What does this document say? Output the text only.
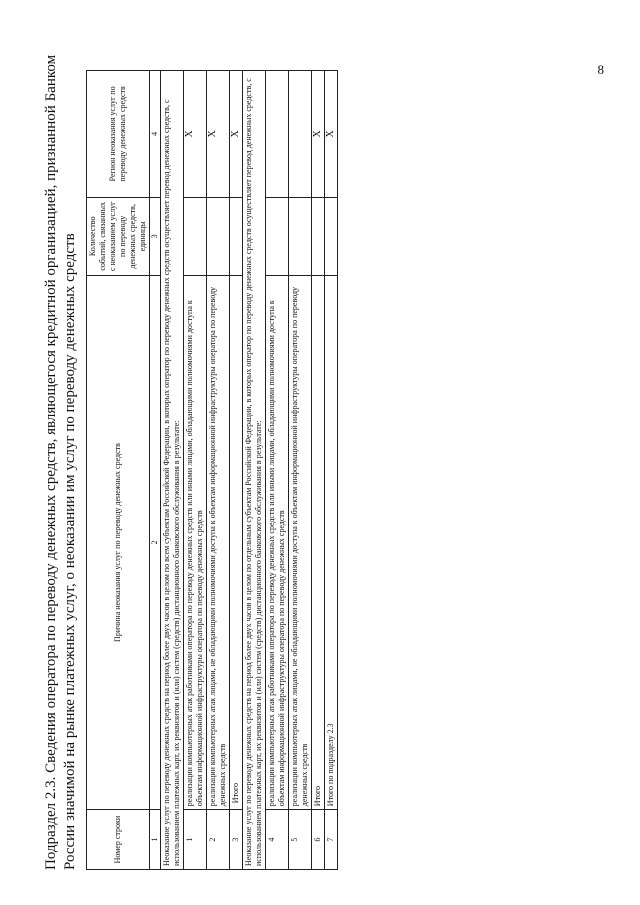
8

Подраздел 2.3. Сведения оператора по переводу денежных средств, являющегося кредитной организацией, признанной Банком России значимой на рынке платежных услуг, о неоказании им услуг по переводу денежных средств	Номер строки	Причина неоказания услуг по переводу денежных средств	Количество событий, связанных с неоказанием услуг по переводу денежных средств, единицы	Регион неоказания услуг по переводу денежных средств
1	2	3	4
Неоказание услуг по переводу денежных средств на период более двух часов в целом по всем субъектам Российской Федерации, в которых оператор по переводу денежных средств осуществляет перевод денежных средств, с использованием платежных карт, их реквизитов и (или) систем (средств) дистанционного банковского обслуживания в результате:			
1	реализации компьютерных атак работниками оператора по переводу денежных средств или иными лицами, обладающими полномочиями доступа к объектам информационной инфраструктуры оператора по переводу денежных средств		X
2	реализации компьютерных атак лицами, не обладающими полномочиями доступа к объектам информационной инфраструктуры оператора по переводу денежных средств		X
3	Итого		X
Неоказание услуг по переводу денежных средств на период более двух часов в целом по отдельным субъектам Российской Федерации, в которых оператор по переводу денежных средств осуществляет перевод денежных средств, с использованием платежных карт, их реквизитов и (или) систем (средств) дистанционного банковского обслуживания в результате:			
4	реализации компьютерных атак работниками оператора по переводу денежных средств или иными лицами, обладающими полномочиями доступа к объектам информационной инфраструктуры оператора по переводу денежных средств		
5	реализации компьютерных атак лицами, не обладающими полномочиями доступа к объектам информационной инфраструктуры оператора по переводу денежных средств		
6	Итого		X
7	Итого по подразделу 2.3		X
